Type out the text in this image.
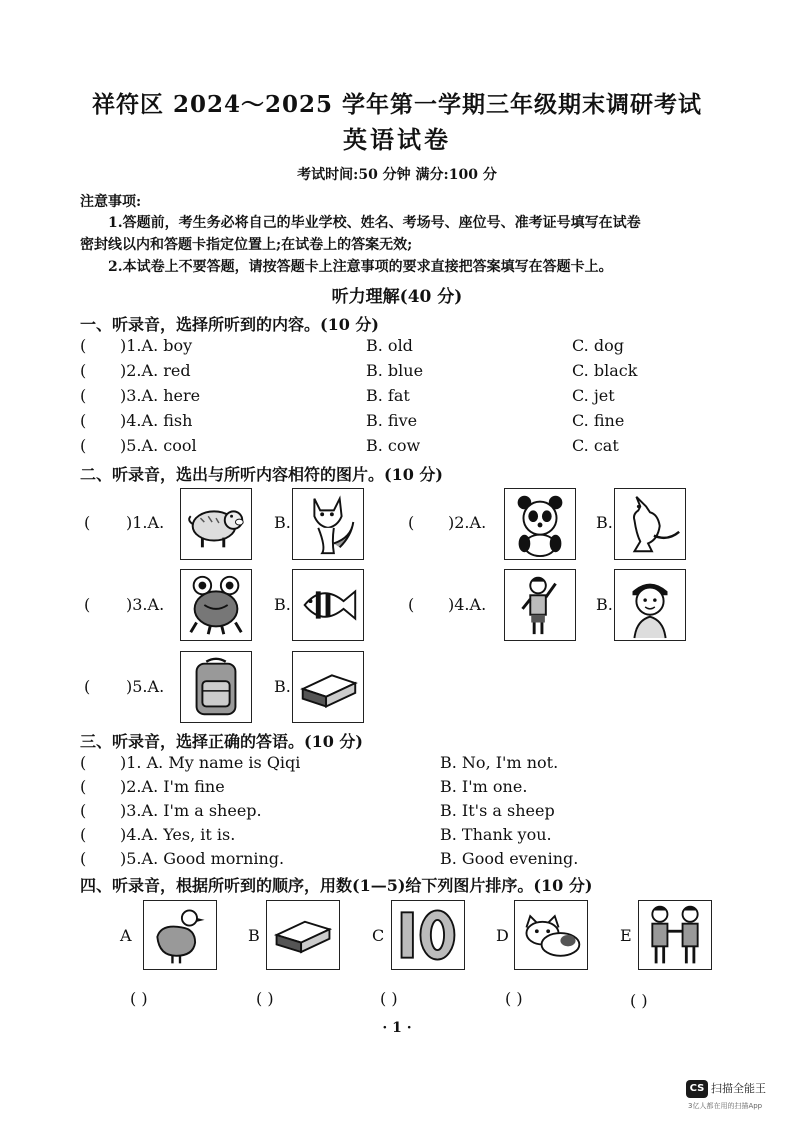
祥符区 2024～2025 学年第一学期三年级期末调研考试
英语试卷
考试时间:50 分钟 满分:100 分
注意事项:
1.答题前，考生务必将自己的毕业学校、姓名、考场号、座位号、准考证号填写在试卷
密封线以内和答题卡指定位置上;在试卷上的答案无效;
2.本试卷上不要答题，请按答题卡上注意事项的要求直接把答案填写在答题卡上。
听力理解(40 分)
一、听录音，选择所听到的内容。(10 分)
( )1.A. boy	B. old	C. dog
( )2.A. red	B. blue	C. black
( )3.A. here	B. fat	C. jet
( )4.A. fish	B. five	C. fine
( )5.A. cool	B. cow	C. cat
二、听录音，选出与所听内容相符的图片。(10 分)
( )1.A.	B.	( )2.A.	B.
( )3.A.	B.	( )4.A.	B.
( )5.A.	B.
三、听录音，选择正确的答语。(10 分)
( )1. A. My name is Qiqi	B. No, I'm not.
( )2.A. I'm fine	B. I'm one.
( )3.A. I'm a sheep.	B. It's a sheep
( )4.A. Yes, it is.	B. Thank you.
( )5.A. Good morning.	B. Good evening.
四、听录音，根据所听到的顺序，用数(1—5)给下列图片排序。(10 分)
A	B	C	D	E
( )	( )	( )	( )	( )
· 1 ·
CS 扫描全能王
3亿人都在用的扫描App
